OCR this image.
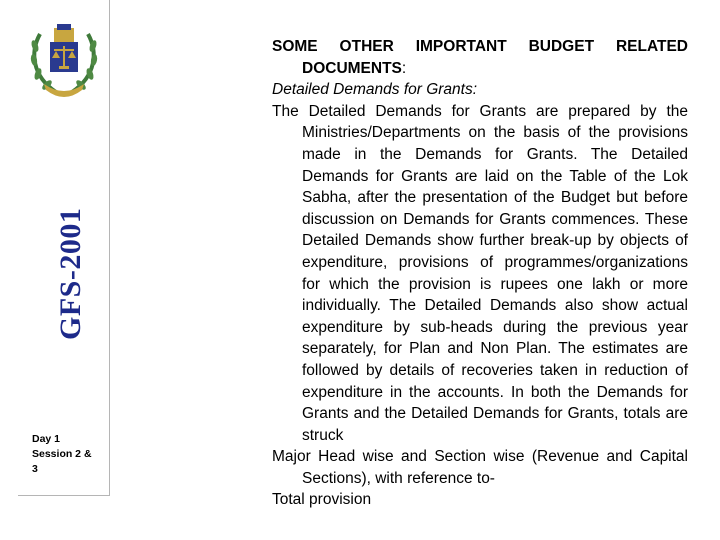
GFS-2001
Day 1
Session 2 &
3

SOME OTHER IMPORTANT BUDGET RELATED DOCUMENTS:

Detailed Demands for Grants:

The Detailed Demands for Grants are prepared by the Ministries/Departments on the basis of the provisions made in the Demands for Grants. The Detailed Demands for Grants are laid on the Table of the Lok Sabha, after the presentation of the Budget but before discussion on Demands for Grants commences. These Detailed Demands show further break-up by objects of expenditure, provisions of programmes/organizations for which the provision is rupees one lakh or more individually. The Detailed Demands also show actual expenditure by sub-heads during the previous year separately, for Plan and Non Plan. The estimates are followed by details of recoveries taken in reduction of expenditure in the accounts. In both the Demands for Grants and the Detailed Demands for Grants, totals are struck

Major Head wise and Section wise (Revenue and Capital Sections), with reference to-

Total provision
